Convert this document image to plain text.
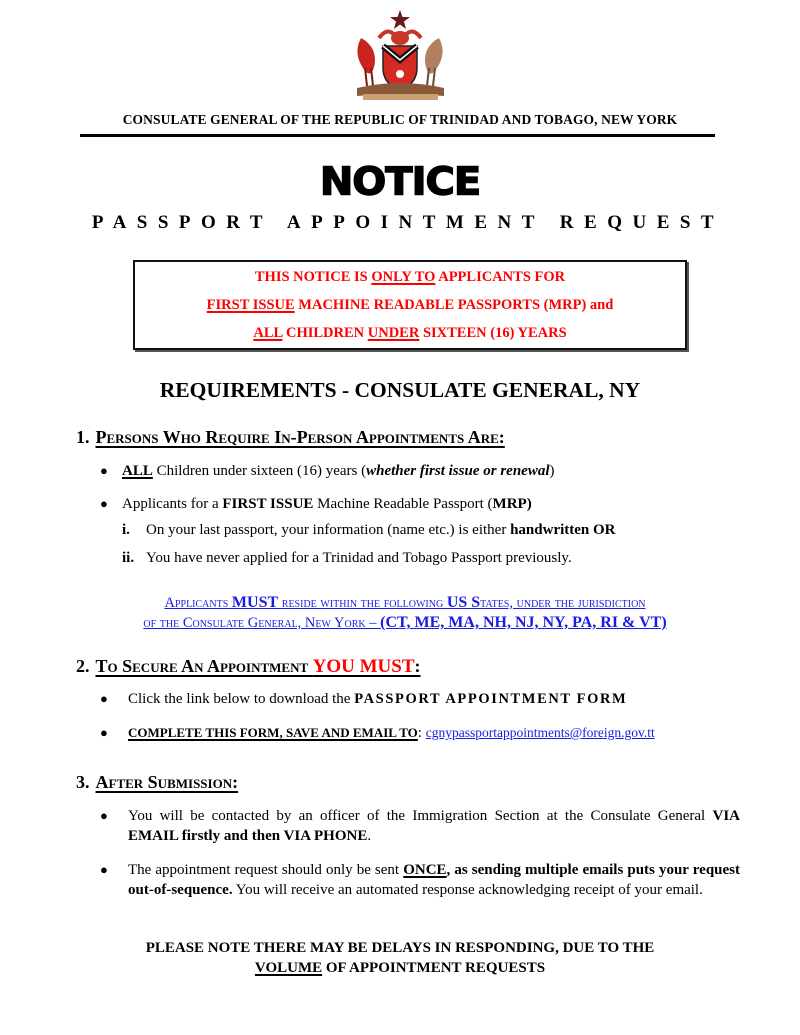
CONSULATE GENERAL OF THE REPUBLIC OF TRINIDAD AND TOBAGO, NEW YORK
NOTICE
PASSPORT APPOINTMENT REQUEST
THIS NOTICE IS ONLY TO APPLICANTS FOR
FIRST ISSUE MACHINE READABLE PASSPORTS (MRP) and
ALL CHILDREN UNDER SIXTEEN (16) YEARS
REQUIREMENTS - CONSULATE GENERAL, NY
1. Persons Who Require In-Person Appointments Are:
● ALL Children under sixteen (16) years (whether first issue or renewal)
● Applicants for a FIRST ISSUE Machine Readable Passport (MRP)
i. On your last passport, your information (name etc.) is either handwritten OR
ii. You have never applied for a Trinidad and Tobago Passport previously.
Applicants MUST reside within the following US States, under the jurisdiction
of the Consulate General, New York – (CT, ME, MA, NH, NJ, NY, PA, RI & VT)
2. To Secure An Appointment YOU MUST:
● Click the link below to download the PASSPORT APPOINTMENT FORM
● COMPLETE THIS FORM, SAVE AND EMAIL TO: cgnypassportappointments@foreign.gov.tt
3. After Submission:
● You will be contacted by an officer of the Immigration Section at the Consulate General VIA EMAIL firstly and then VIA PHONE.
● The appointment request should only be sent ONCE, as sending multiple emails puts your request out-of-sequence. You will receive an automated response acknowledging receipt of your email.
PLEASE NOTE THERE MAY BE DELAYS IN RESPONDING, DUE TO THE
VOLUME OF APPOINTMENT REQUESTS
